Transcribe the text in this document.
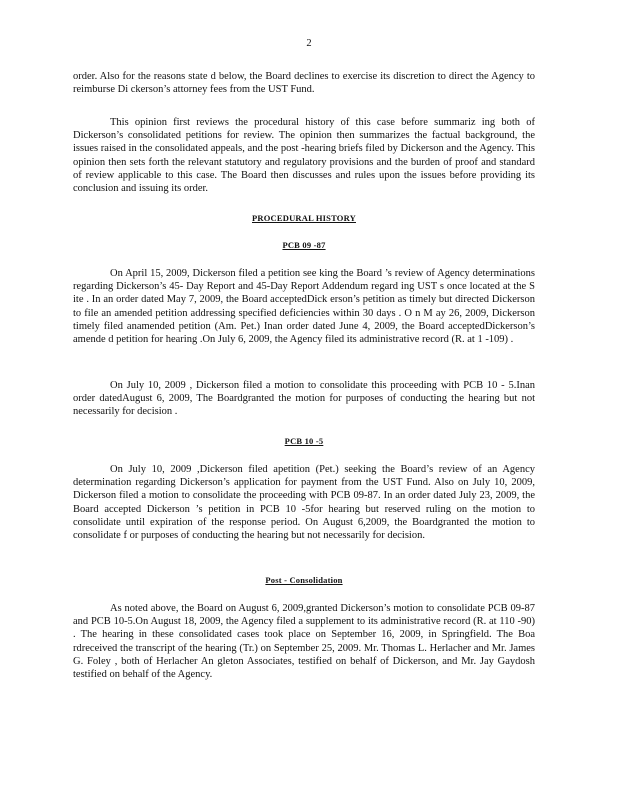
2

order. Also for the reasons state d below, the Board declines to exercise its discretion to direct the Agency to reimburse Di ckerson’s attorney fees from the UST Fund.

This opinion first reviews the procedural history of this case before summariz ing both of Dickerson’s consolidated petitions for review. The opinion then summarizes the factual background, the issues raised in the consolidated appeals, and the post -hearing briefs filed by Dickerson and the Agency. This opinion then sets forth the relevant statutory and regulatory provisions and the burden of proof and standard of review applicable to this case. The Board then discusses and rules upon the issues before providing its conclusion and issuing its order.

PROCEDURAL HISTORY
PCB 09 -87

On April 15, 2009, Dickerson filed a petition see king the Board ’s review of Agency determinations regarding Dickerson’s 45- Day Report and 45-Day Report Addendum regard ing UST s once located at the S ite . In an order dated May 7, 2009, the Board acceptedDick erson’s petition as timely but directed Dickerson to file an amended petition addressing specified deficiencies within 30 days . O n M ay 26, 2009, Dickerson timely filed anamended petition (Am. Pet.) Inan order dated June 4, 2009, the Board acceptedDickerson’s amende d petition for hearing .On July 6, 2009, the Agency filed its administrative record (R. at 1 -109) .

On July 10, 2009 , Dickerson filed a motion to consolidate this proceeding with PCB 10 - 5.Inan order datedAugust 6, 2009, The Boardgranted the motion for purposes of conducting the hearing but not necessarily for decision .

PCB 10 -5

On July 10, 2009 ,Dickerson filed apetition (Pet.) seeking the Board’s review of an Agency determination regarding Dickerson’s application for payment from the UST Fund. Also on July 10, 2009, Dickerson filed a motion to consolidate the proceeding with PCB 09-87. In an order dated July 23, 2009, the Board accepted Dickerson ’s petition in PCB 10 -5for hearing but reserved ruling on the motion to consolidate until expiration of the response period. On August 6,2009, the Boardgranted the motion to consolidate f or purposes of conducting the hearing but not necessarily for decision.

Post - Consolidation

As noted above, the Board on August 6, 2009,granted Dickerson’s motion to consolidate PCB 09-87 and PCB 10-5.On August 18, 2009, the Agency filed a supplement to its administrative record (R. at 110 -90) . The hearing in these consolidated cases took place on September 16, 2009, in Springfield. The Boa rdreceived the transcript of the hearing (Tr.) on September 25, 2009. Mr. Thomas L. Herlacher and Mr. James G. Foley , both of Herlacher An gleton Associates, testified on behalf of Dickerson, and Mr. Jay Gaydosh testified on behalf of the Agency.
